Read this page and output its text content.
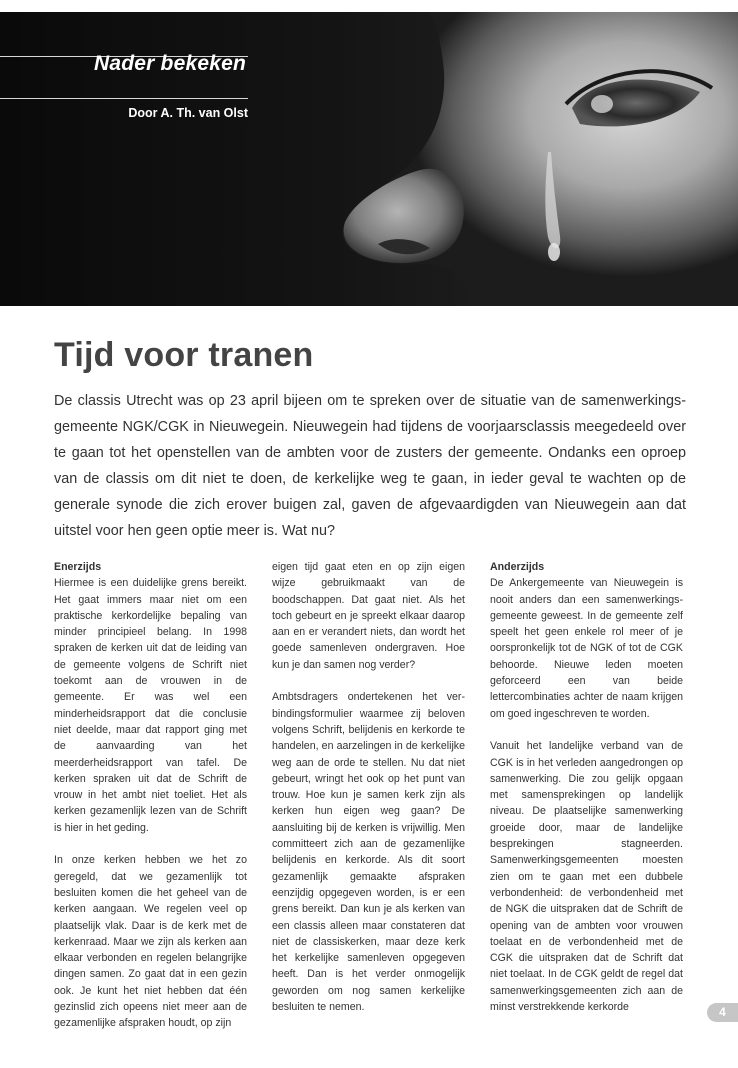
Nader bekeken
Door A. Th. van Olst
Tijd voor tranen

De classis Utrecht was op 23 april bijeen om te spreken over de situatie van de samenwerkings-gemeente NGK/CGK in Nieuwegein. Nieuwegein had tijdens de voorjaarsclassis meegedeeld over te gaan tot het openstellen van de ambten voor de zusters der gemeente. Ondanks een oproep van de classis om dit niet te doen, de kerkelijke weg te gaan, in ieder geval te wachten op de generale synode die zich erover buigen zal, gaven de afgevaardigden van Nieuwegein aan dat uitstel voor hen geen optie meer is. Wat nu?

Enerzijds

Hiermee is een duidelijke grens bereikt. Het gaat immers maar niet om een praktische kerkordelijke bepaling van minder principieel belang. In 1998 spraken de kerken uit dat de leiding van de gemeente volgens de Schrift niet toekomt aan de vrouwen in de gemeente. Er was wel een minderheidsrapport dat die conclusie niet deelde, maar dat rapport ging met de aanvaarding van het meerderheidsrapport van tafel. De kerken spraken uit dat de Schrift de vrouw in het ambt niet toeliet. Het als kerken gezamenlijk lezen van de Schrift is hier in het geding.

In onze kerken hebben we het zo geregeld, dat we gezamenlijk tot besluiten komen die het geheel van de kerken aangaan. We regelen veel op plaatselijk vlak. Daar is de kerk met de kerkenraad. Maar we zijn als kerken aan elkaar verbonden en regelen belangrijke dingen samen. Zo gaat dat in een gezin ook. Je kunt het niet hebben dat één gezinslid zich opeens niet meer aan de gezamenlijke afspraken houdt, op zijn

eigen tijd gaat eten en op zijn eigen wijze gebruikmaakt van de boodschappen. Dat gaat niet. Als het toch gebeurt en je spreekt elkaar daarop aan en er verandert niets, dan wordt het goede samenleven ondergraven. Hoe kun je dan samen nog verder?

Ambtsdragers ondertekenen het ver-bindingsformulier waarmee zij beloven volgens Schrift, belijdenis en kerkorde te handelen, en aarzelingen in de kerkelijke weg aan de orde te stellen. Nu dat niet gebeurt, wringt het ook op het punt van trouw. Hoe kun je samen kerk zijn als kerken hun eigen weg gaan? De aansluiting bij de kerken is vrijwillig. Men committeert zich aan de gezamenlijke belijdenis en kerkorde. Als dit soort gezamenlijk gemaakte afspraken eenzijdig opgegeven worden, is er een grens bereikt. Dan kun je als kerken van een classis alleen maar constateren dat niet de classiskerken, maar deze kerk het kerkelijke samenleven opgegeven heeft. Dan is het verder onmogelijk geworden om nog samen kerkelijke besluiten te nemen.

Anderzijds

De Ankergemeente van Nieuwegein is nooit anders dan een samenwerkings-gemeente geweest. In de gemeente zelf speelt het geen enkele rol meer of je oorspronkelijk tot de NGK of tot de CGK behoorde. Nieuwe leden moeten geforceerd een van beide lettercombinaties achter de naam krijgen om goed ingeschreven te worden.

Vanuit het landelijke verband van de CGK is in het verleden aangedrongen op samenwerking. Die zou gelijk opgaan met samensprekingen op landelijk niveau. De plaatselijke samenwerking groeide door, maar de landelijke besprekingen stagneerden. Samenwerkingsgemeenten moesten zien om te gaan met een dubbele verbondenheid: de verbondenheid met de NGK die uitspraken dat de Schrift de opening van de ambten voor vrouwen toelaat en de verbondenheid met de CGK die uitspraken dat de Schrift dat niet toelaat. In de CGK geldt de regel dat samenwerkingsgemeenten zich aan de minst verstrekkende kerkorde	4
